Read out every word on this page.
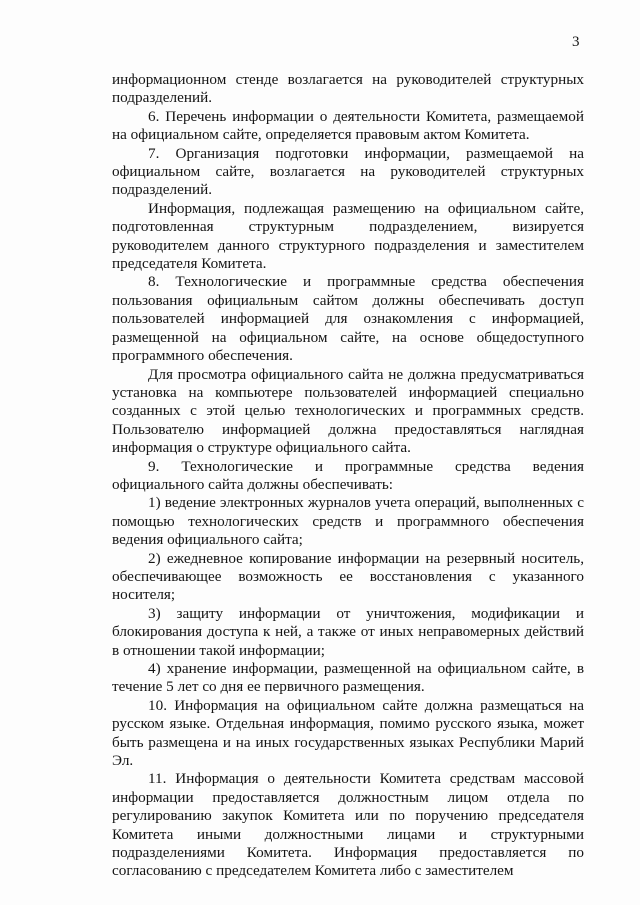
3

информационном стенде возлагается на руководителей структурных подразделений.

6. Перечень информации о деятельности Комитета, размещаемой на официальном сайте, определяется правовым актом Комитета.

7. Организация подготовки информации, размещаемой на официальном сайте, возлагается на руководителей структурных подразделений.

Информация, подлежащая размещению на официальном сайте, подготовленная структурным подразделением, визируется руководителем данного структурного подразделения и заместителем председателя Комитета.

8. Технологические и программные средства обеспечения пользования официальным сайтом должны обеспечивать доступ пользователей информацией для ознакомления с информацией, размещенной на официальном сайте, на основе общедоступного программного обеспечения.

Для просмотра официального сайта не должна предусматриваться установка на компьютере пользователей информацией специально созданных с этой целью технологических и программных средств. Пользователю информацией должна предоставляться наглядная информация о структуре официального сайта.

9. Технологические и программные средства ведения официального сайта должны обеспечивать:

1) ведение электронных журналов учета операций, выполненных с помощью технологических средств и программного обеспечения ведения официального сайта;

2) ежедневное копирование информации на резервный носитель, обеспечивающее возможность ее восстановления с указанного носителя;

3) защиту информации от уничтожения, модификации и блокирования доступа к ней, а также от иных неправомерных действий в отношении такой информации;

4) хранение информации, размещенной на официальном сайте, в течение 5 лет со дня ее первичного размещения.

10. Информация на официальном сайте должна размещаться на русском языке. Отдельная информация, помимо русского языка, может быть размещена и на иных государственных языках Республики Марий Эл.

11. Информация о деятельности Комитета средствам массовой информации предоставляется должностным лицом отдела по регулированию закупок Комитета или по поручению председателя Комитета иными должностными лицами и структурными подразделениями Комитета. Информация предоставляется по согласованию с председателем Комитета либо с заместителем
